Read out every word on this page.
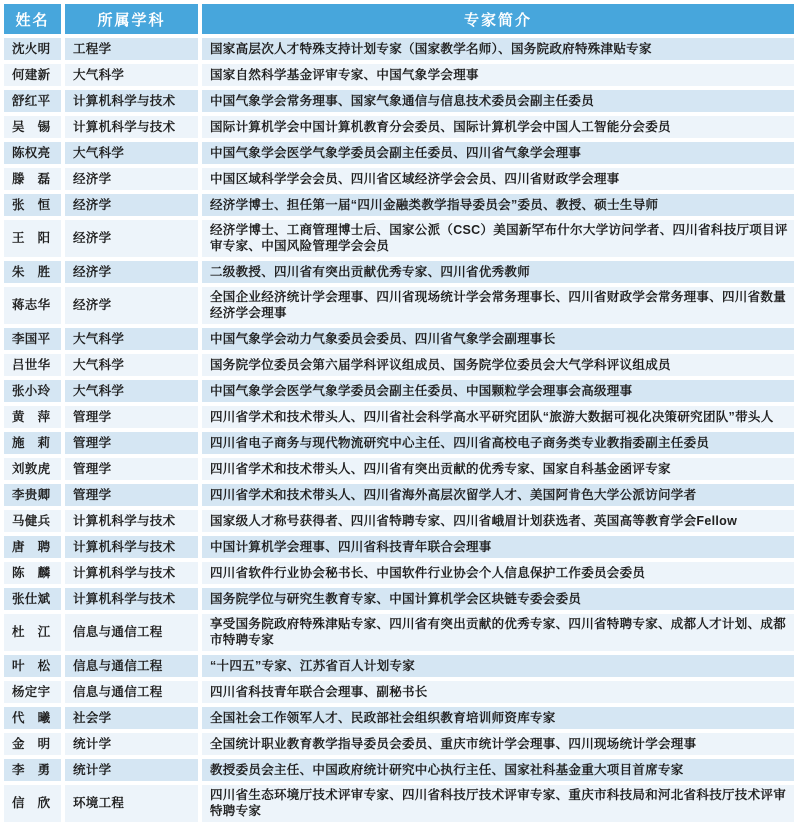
姓名	所属学科	专家简介
沈火明	工程学	国家高层次人才特殊支持计划专家（国家教学名师）、国务院政府特殊津贴专家
何建新	大气科学	国家自然科学基金评审专家、中国气象学会理事
舒红平	计算机科学与技术	中国气象学会常务理事、国家气象通信与信息技术委员会副主任委员
吴　锡	计算机科学与技术	国际计算机学会中国计算机教育分会委员、国际计算机学会中国人工智能分会委员
陈权亮	大气科学	中国气象学会医学气象学委员会副主任委员、四川省气象学会理事
滕　磊	经济学	中国区域科学学会会员、四川省区域经济学会会员、四川省财政学会理事
张　恒	经济学	经济学博士、担任第一届“四川金融类教学指导委员会”委员、教授、硕士生导师
王　阳	经济学	经济学博士、工商管理博士后、国家公派（CSC）美国新罕布什尔大学访问学者、四川省科技厅项目评审专家、中国风险管理学会会员
朱　胜	经济学	二级教授、四川省有突出贡献优秀专家、四川省优秀教师
蒋志华	经济学	全国企业经济统计学会理事、四川省现场统计学会常务理事长、四川省财政学会常务理事、四川省数量经济学会理事
李国平	大气科学	中国气象学会动力气象委员会委员、四川省气象学会副理事长
吕世华	大气科学	国务院学位委员会第六届学科评议组成员、国务院学位委员会大气学科评议组成员
张小玲	大气科学	中国气象学会医学气象学委员会副主任委员、中国颗粒学会理事会高级理事
黄　萍	管理学	四川省学术和技术带头人、四川省社会科学高水平研究团队“旅游大数据可视化决策研究团队”带头人
施　莉	管理学	四川省电子商务与现代物流研究中心主任、四川省高校电子商务类专业教指委副主任委员
刘敦虎	管理学	四川省学术和技术带头人、四川省有突出贡献的优秀专家、国家自科基金函评专家
李贵卿	管理学	四川省学术和技术带头人、四川省海外高层次留学人才、美国阿肯色大学公派访问学者
马健兵	计算机科学与技术	国家级人才称号获得者、四川省特聘专家、四川省峨眉计划获选者、英国高等教育学会Fellow
唐　聘	计算机科学与技术	中国计算机学会理事、四川省科技青年联合会理事
陈　麟	计算机科学与技术	四川省软件行业协会秘书长、中国软件行业协会个人信息保护工作委员会委员
张仕斌	计算机科学与技术	国务院学位与研究生教育专家、中国计算机学会区块链专委会委员
杜　江	信息与通信工程	享受国务院政府特殊津贴专家、四川省有突出贡献的优秀专家、四川省特聘专家、成都人才计划、成都市特聘专家
叶　松	信息与通信工程	“十四五”专家、江苏省百人计划专家
杨定宇	信息与通信工程	四川省科技青年联合会理事、副秘书长
代　曦	社会学	全国社会工作领军人才、民政部社会组织教育培训师资库专家
金　明	统计学	全国统计职业教育教学指导委员会委员、重庆市统计学会理事、四川现场统计学会理事
李　勇	统计学	教授委员会主任、中国政府统计研究中心执行主任、国家社科基金重大项目首席专家
信　欣	环境工程	四川省生态环境厅技术评审专家、四川省科技厅技术评审专家、重庆市科技局和河北省科技厅技术评审特聘专家
